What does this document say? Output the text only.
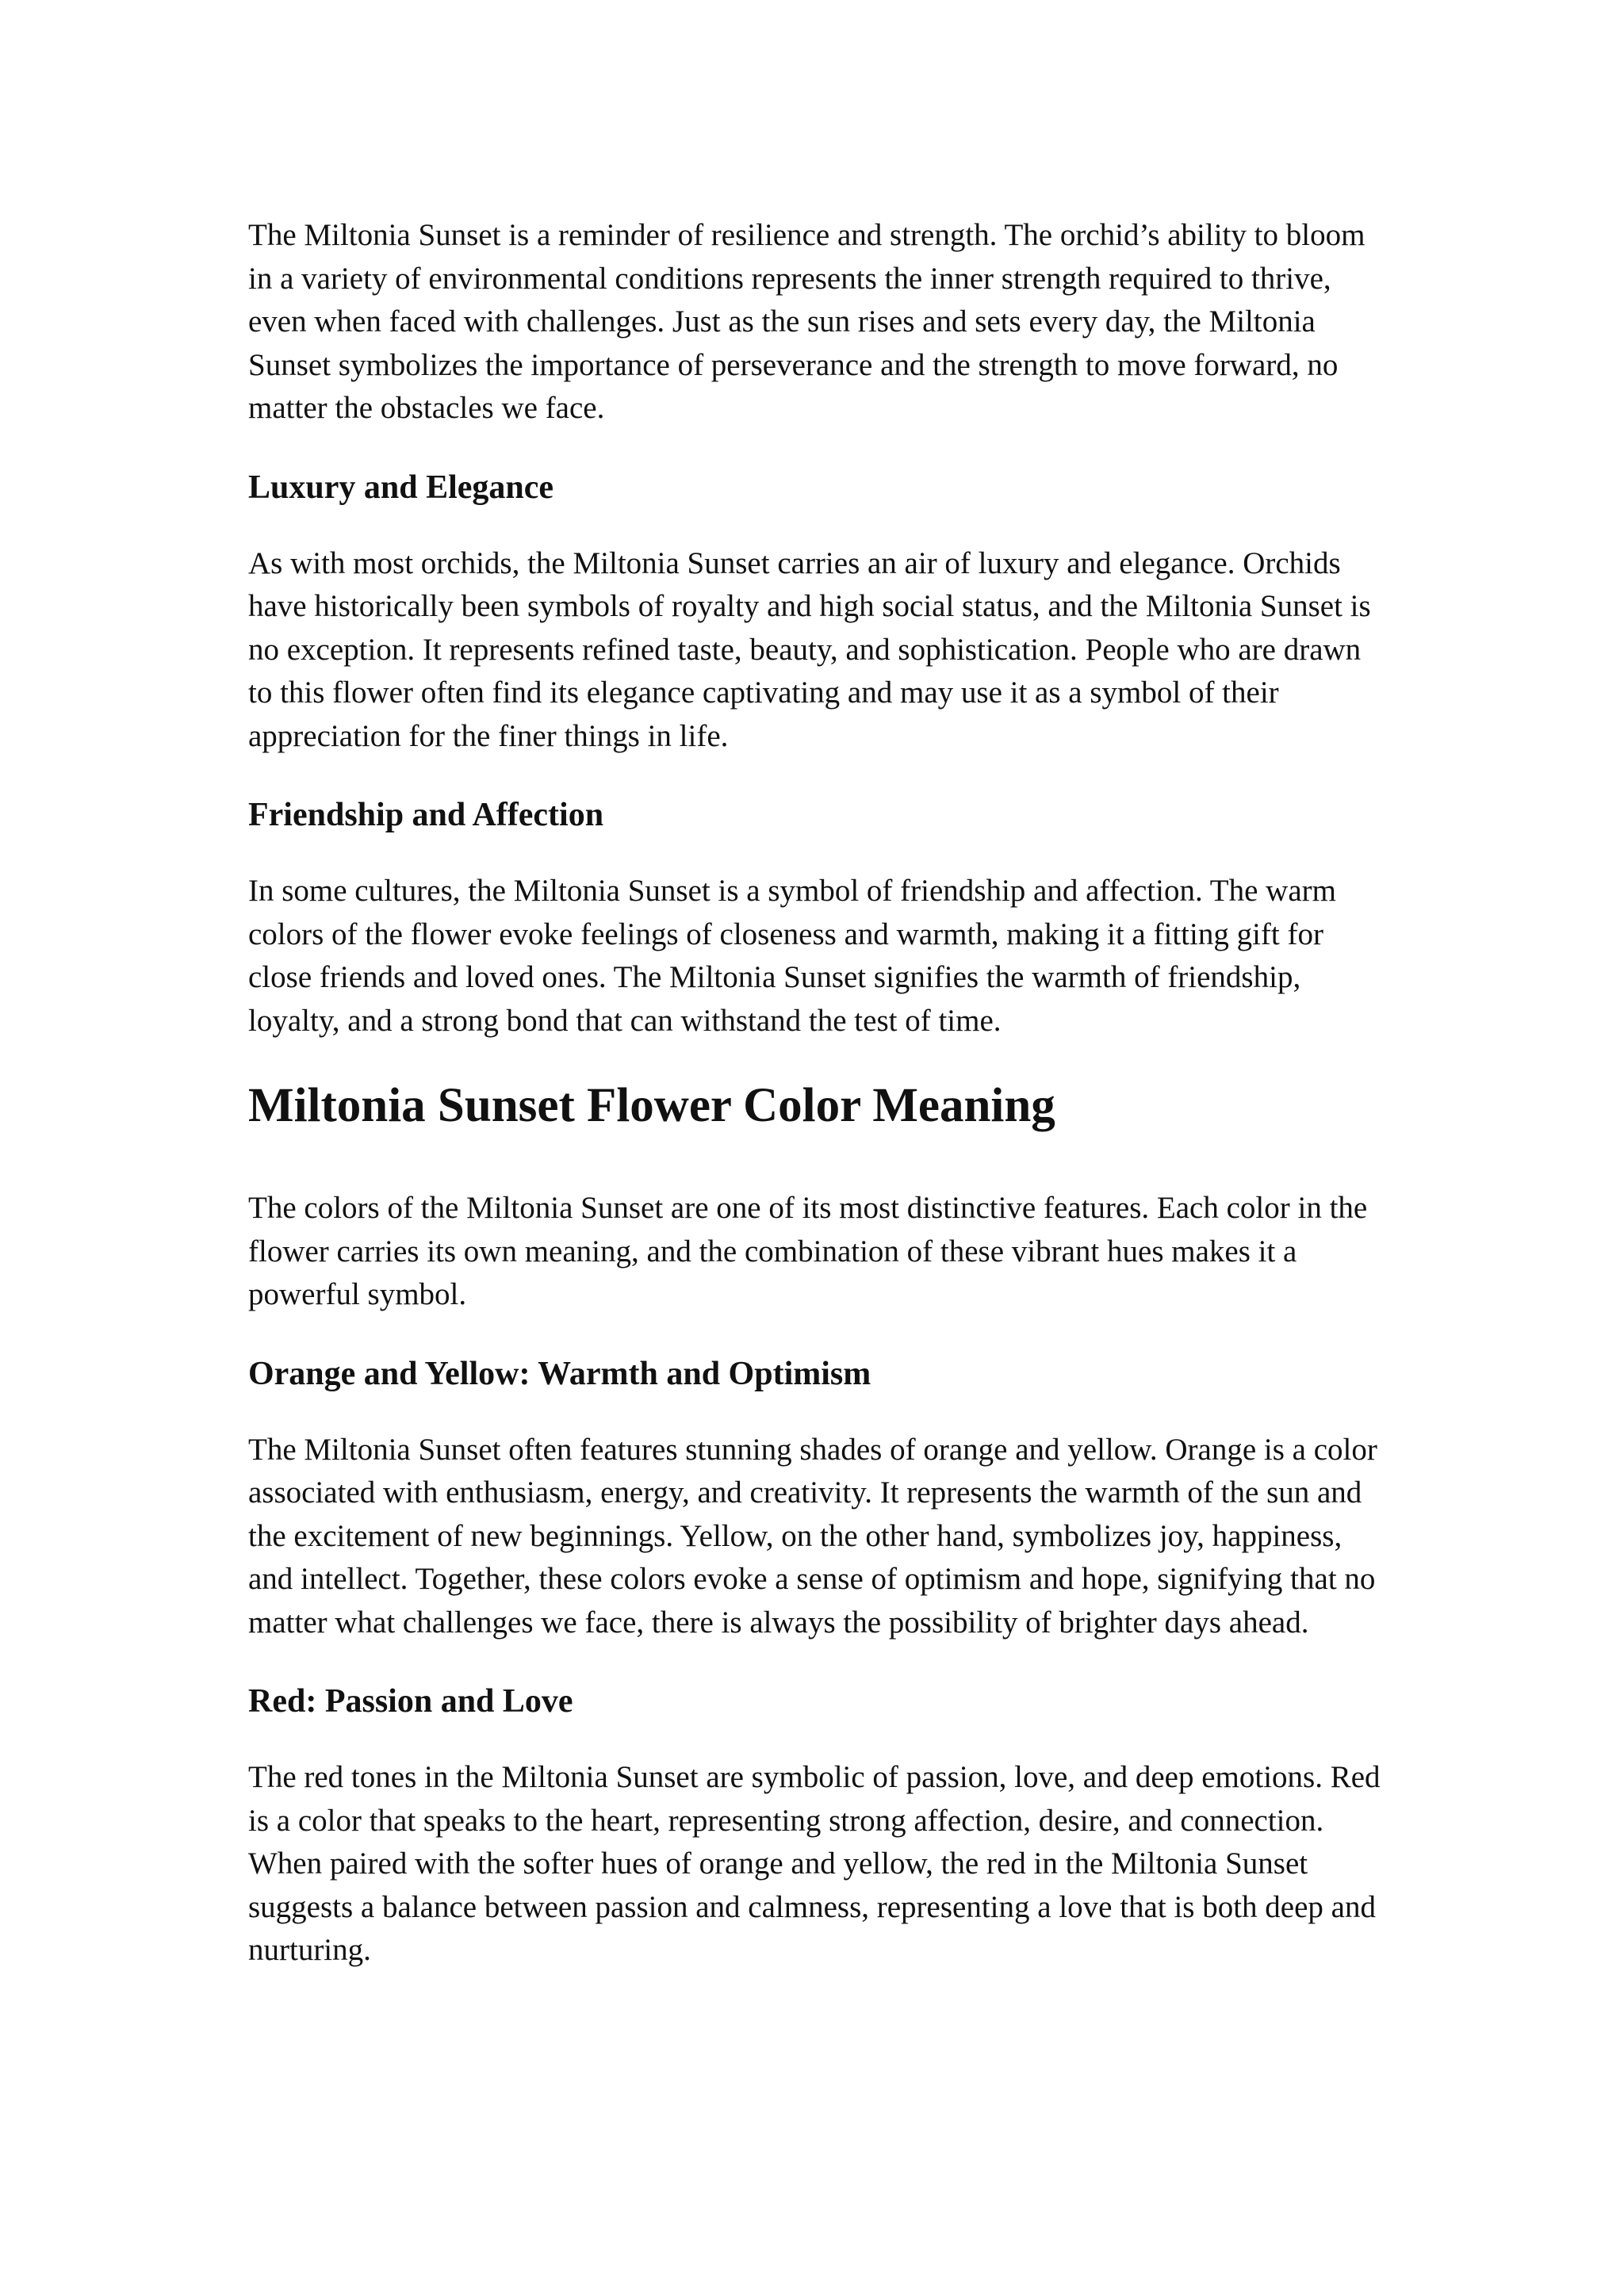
The Miltonia Sunset is a reminder of resilience and strength. The orchid’s ability to bloom in a variety of environmental conditions represents the inner strength required to thrive, even when faced with challenges. Just as the sun rises and sets every day, the Miltonia Sunset symbolizes the importance of perseverance and the strength to move forward, no matter the obstacles we face.

Luxury and Elegance

As with most orchids, the Miltonia Sunset carries an air of luxury and elegance. Orchids have historically been symbols of royalty and high social status, and the Miltonia Sunset is no exception. It represents refined taste, beauty, and sophistication. People who are drawn to this flower often find its elegance captivating and may use it as a symbol of their appreciation for the finer things in life.

Friendship and Affection

In some cultures, the Miltonia Sunset is a symbol of friendship and affection. The warm colors of the flower evoke feelings of closeness and warmth, making it a fitting gift for close friends and loved ones. The Miltonia Sunset signifies the warmth of friendship, loyalty, and a strong bond that can withstand the test of time.

Miltonia Sunset Flower Color Meaning

The colors of the Miltonia Sunset are one of its most distinctive features. Each color in the flower carries its own meaning, and the combination of these vibrant hues makes it a powerful symbol.

Orange and Yellow: Warmth and Optimism

The Miltonia Sunset often features stunning shades of orange and yellow. Orange is a color associated with enthusiasm, energy, and creativity. It represents the warmth of the sun and the excitement of new beginnings. Yellow, on the other hand, symbolizes joy, happiness, and intellect. Together, these colors evoke a sense of optimism and hope, signifying that no matter what challenges we face, there is always the possibility of brighter days ahead.

Red: Passion and Love

The red tones in the Miltonia Sunset are symbolic of passion, love, and deep emotions. Red is a color that speaks to the heart, representing strong affection, desire, and connection. When paired with the softer hues of orange and yellow, the red in the Miltonia Sunset suggests a balance between passion and calmness, representing a love that is both deep and nurturing.
